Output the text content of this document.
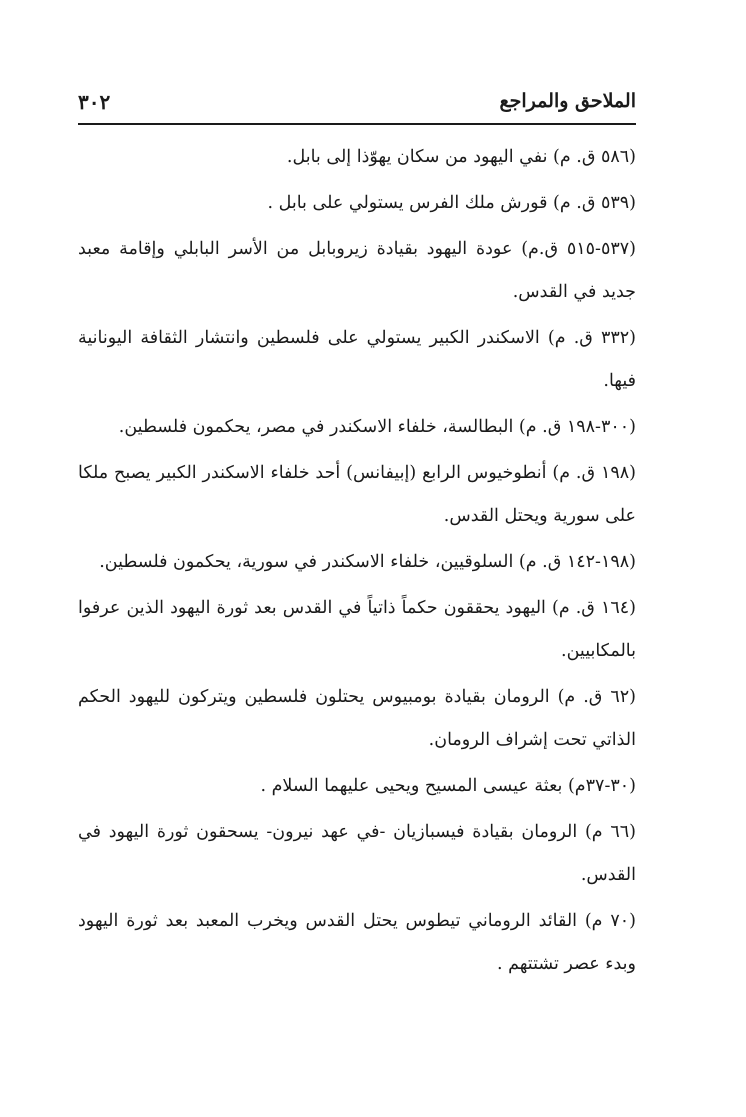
الملاحق والمراجع
٣٠٢
(٥٨٦ ق. م) نفي اليهود من سكان يهوّذا إلى بابل.
(٥٣٩ ق. م) قورش ملك الفرس يستولي على بابل .
(٥٣٧-٥١٥ ق.م) عودة اليهود بقيادة زيروبابل من الأسر البابلي وإقامة معبد جديد في القدس.
(٣٣٢ ق. م) الاسكندر الكبير يستولي على فلسطين وانتشار الثقافة اليونانية فيها.
(٣٠٠-١٩٨ ق. م) البطالسة، خلفاء الاسكندر في مصر، يحكمون فلسطين.
(١٩٨ ق. م) أنطوخيوس الرابع (إبيفانس) أحد خلفاء الاسكندر الكبير يصبح ملكا على سورية ويحتل القدس.
(١٩٨-١٤٢ ق. م) السلوقيين، خلفاء الاسكندر في سورية، يحكمون فلسطين.
(١٦٤ ق. م) اليهود يحققون حكماً ذاتياً في القدس بعد ثورة اليهود الذين عرفوا بالمكابيين.
(٦٢ ق. م) الرومان بقيادة بومبيوس يحتلون فلسطين ويتركون لليهود الحكم الذاتي تحت إشراف الرومان.
(٣٠-٣٧م) بعثة عيسى المسيح ويحيى عليهما السلام .
(٦٦ م) الرومان بقيادة فيسبازيان -في عهد نيرون- يسحقون ثورة اليهود في القدس.
(٧٠ م) القائد الروماني تيطوس يحتل القدس ويخرب المعبد بعد ثورة اليهود وبدء عصر تشتتهم .
